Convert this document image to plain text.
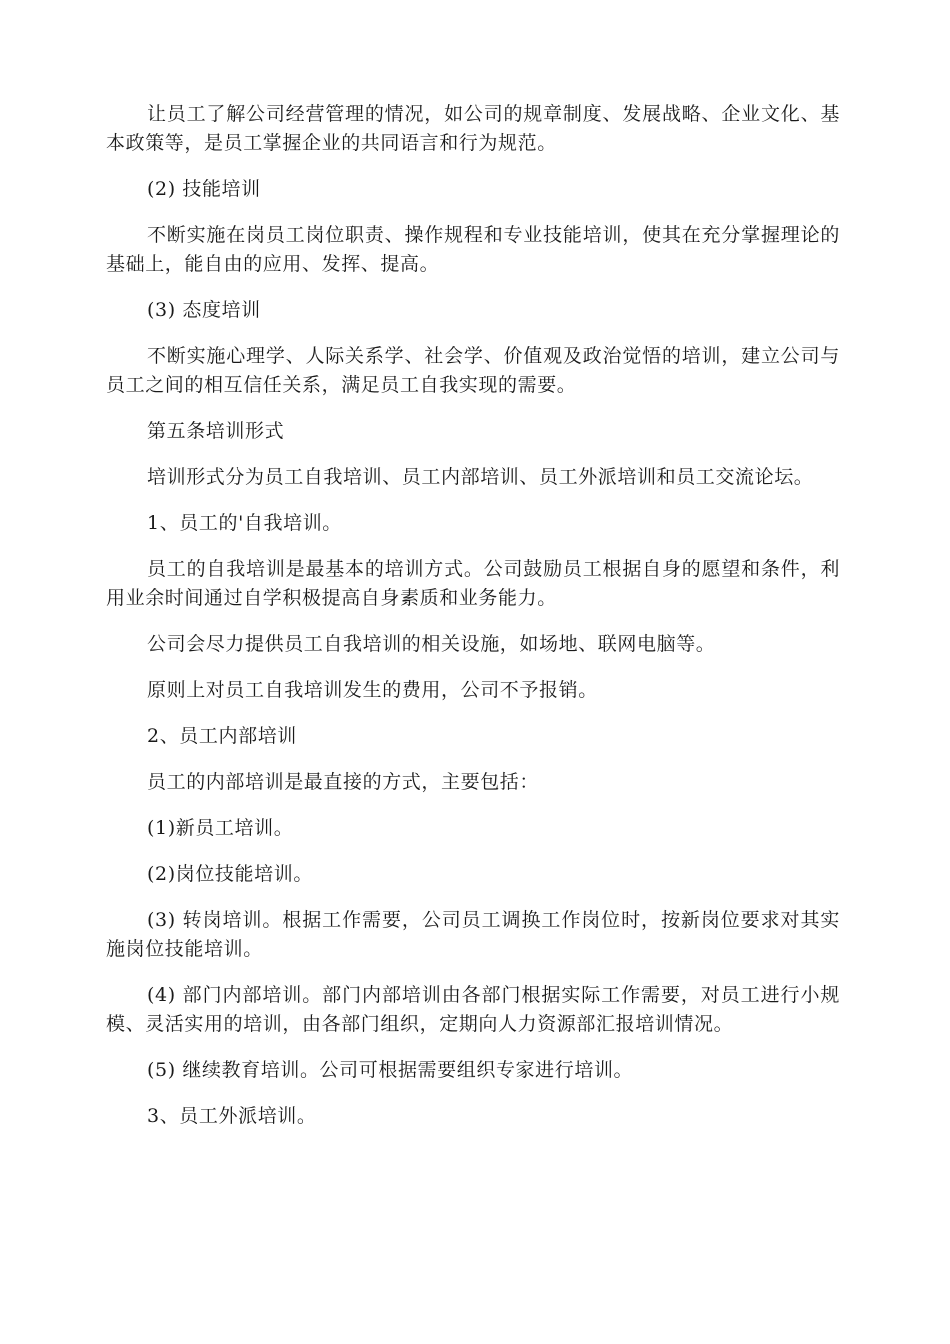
让员工了解公司经营管理的情况，如公司的规章制度、发展战略、企业文化、基本政策等，是员工掌握企业的共同语言和行为规范。

(2) 技能培训

不断实施在岗员工岗位职责、操作规程和专业技能培训，使其在充分掌握理论的基础上，能自由的应用、发挥、提高。

(3) 态度培训

不断实施心理学、人际关系学、社会学、价值观及政治觉悟的培训，建立公司与员工之间的相互信任关系，满足员工自我实现的需要。

第五条培训形式

培训形式分为员工自我培训、员工内部培训、员工外派培训和员工交流论坛。

1、员工的'自我培训。

员工的自我培训是最基本的培训方式。公司鼓励员工根据自身的愿望和条件，利用业余时间通过自学积极提高自身素质和业务能力。

公司会尽力提供员工自我培训的相关设施，如场地、联网电脑等。

原则上对员工自我培训发生的费用，公司不予报销。

2、员工内部培训

员工的内部培训是最直接的方式，主要包括：

(1)新员工培训。

(2)岗位技能培训。

(3) 转岗培训。根据工作需要，公司员工调换工作岗位时，按新岗位要求对其实施岗位技能培训。

(4) 部门内部培训。部门内部培训由各部门根据实际工作需要，对员工进行小规模、灵活实用的培训，由各部门组织，定期向人力资源部汇报培训情况。

(5) 继续教育培训。公司可根据需要组织专家进行培训。

3、员工外派培训。
